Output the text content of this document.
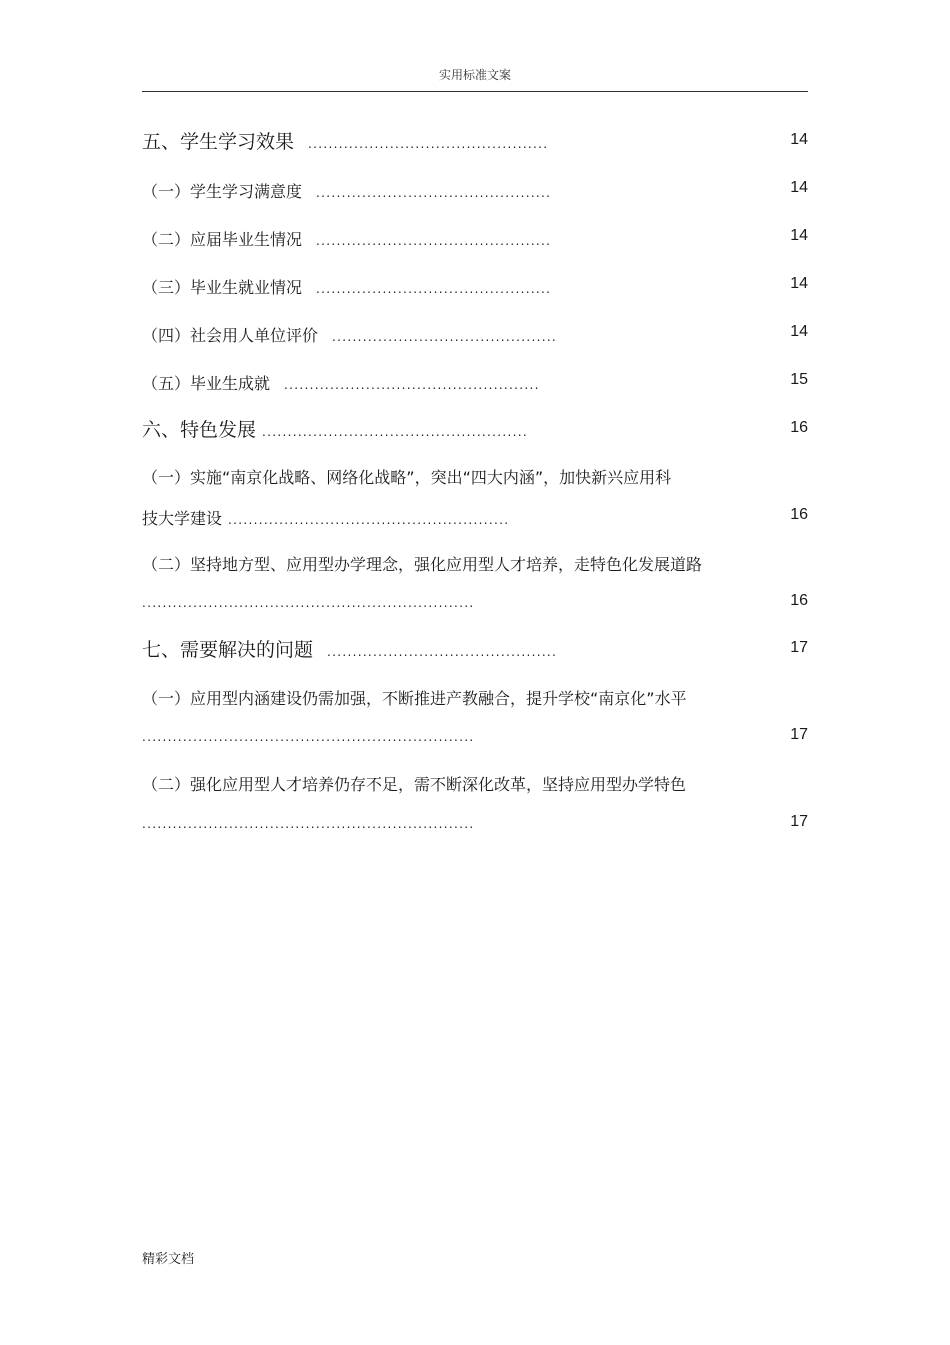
实用标准文案
五、学生学习效果 ...............................................	14
（一）学生学习满意度 ..............................................	14
（二）应届毕业生情况 ..............................................	14
（三）毕业生就业情况 ..............................................	14
（四）社会用人单位评价 ............................................	14
（五）毕业生成就 ..................................................	15
六、特色发展 ....................................................	16
（一）实施“南京化战略、网络化战略”，突出“四大内涵”，加快新兴应用科
技大学建设 .......................................................	16
（二）坚持地方型、应用型办学理念，强化应用型人才培养，走特色化发展道路
.................................................................	16
七、需要解决的问题 .............................................	17
（一）应用型内涵建设仍需加强，不断推进产教融合，提升学校“南京化”水平
.................................................................	17
（二）强化应用型人才培养仍存不足，需不断深化改革，坚持应用型办学特色
.................................................................	17
精彩文档
